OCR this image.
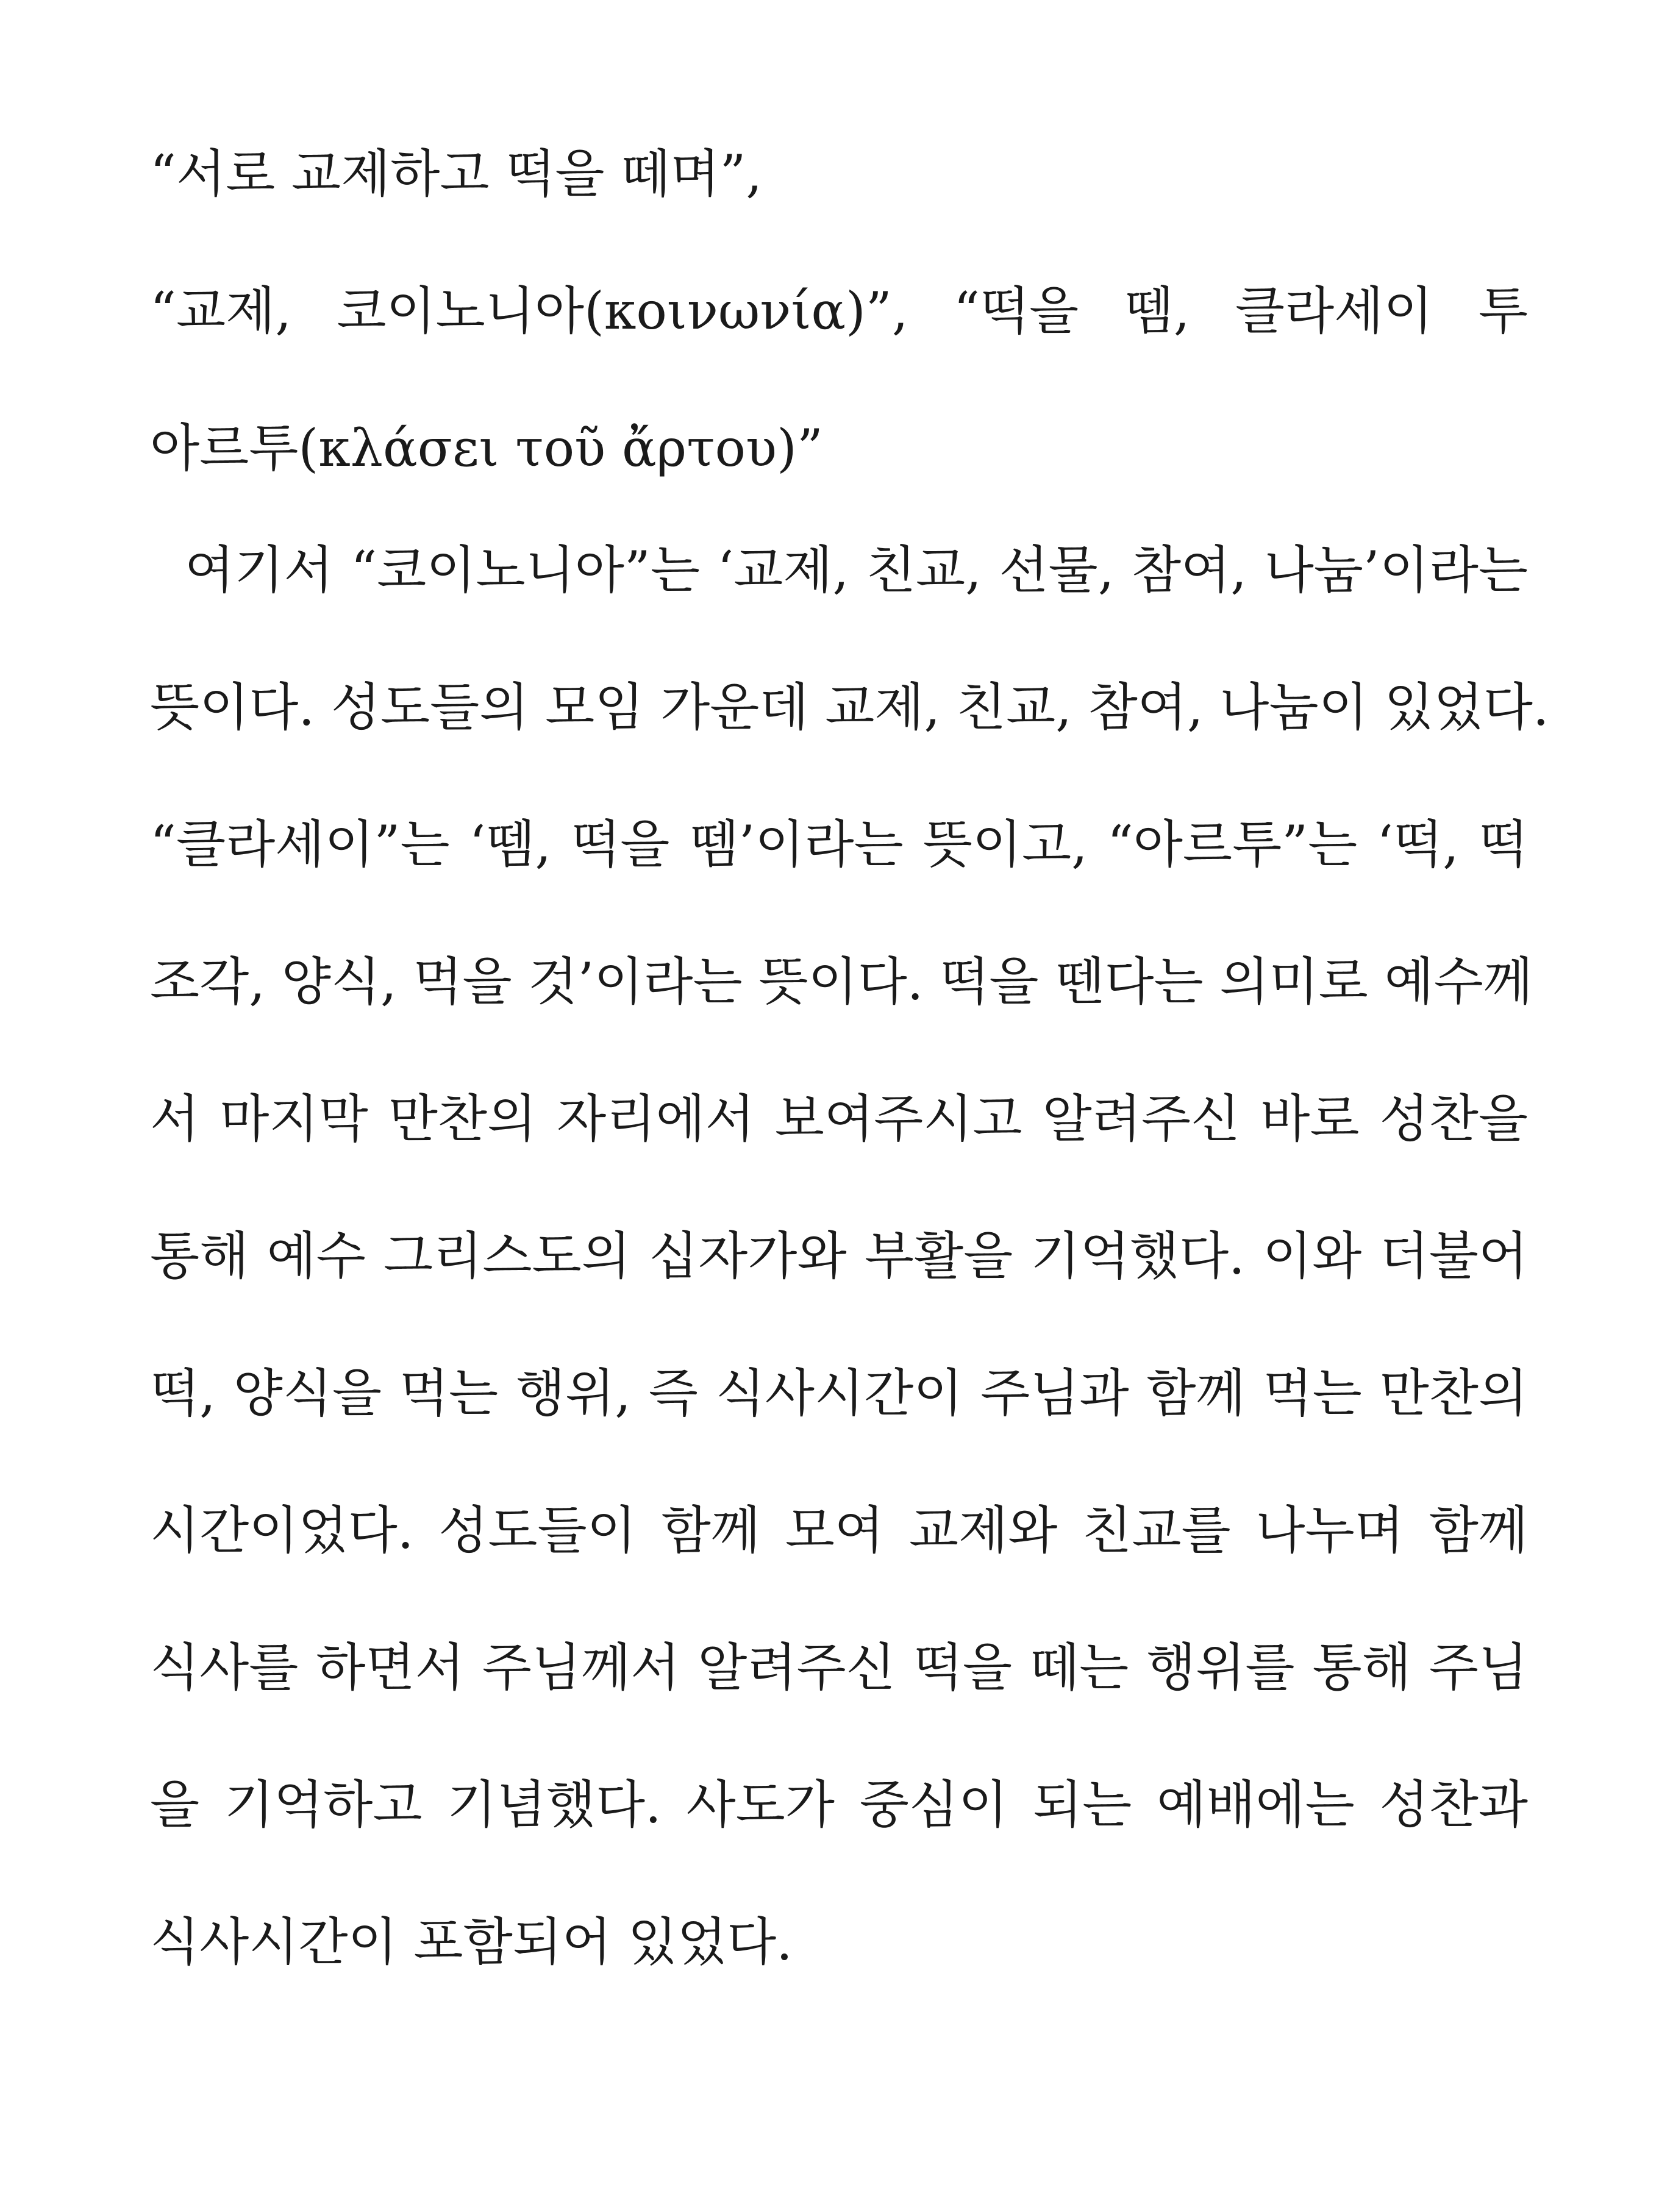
“서로 교제하고 떡을 떼며”,
“교제, 코이노니아(κοινωνία)”, “떡을 뗌, 클라세이 투
아르투(κλάσει τοῦ ἄρτου)”
여기서 “코이노니아”는 ‘교제, 친교, 선물, 참여, 나눔’이라는
뜻이다. 성도들의 모임 가운데 교제, 친교, 참여, 나눔이 있었다.
“클라세이”는 ‘뗌, 떡을 뗌’이라는 뜻이고, “아르투”는 ‘떡, 떡
조각, 양식, 먹을 것’이라는 뜻이다. 떡을 뗀다는 의미로 예수께
서 마지막 만찬의 자리에서 보여주시고 알려주신 바로 성찬을
통해 예수 그리스도의 십자가와 부활을 기억했다. 이와 더불어
떡, 양식을 먹는 행위, 즉 식사시간이 주님과 함께 먹는 만찬의
시간이었다. 성도들이 함께 모여 교제와 친교를 나누며 함께
식사를 하면서 주님께서 알려주신 떡을 떼는 행위를 통해 주님
을 기억하고 기념했다. 사도가 중심이 되는 예배에는 성찬과
식사시간이 포함되어 있었다.
